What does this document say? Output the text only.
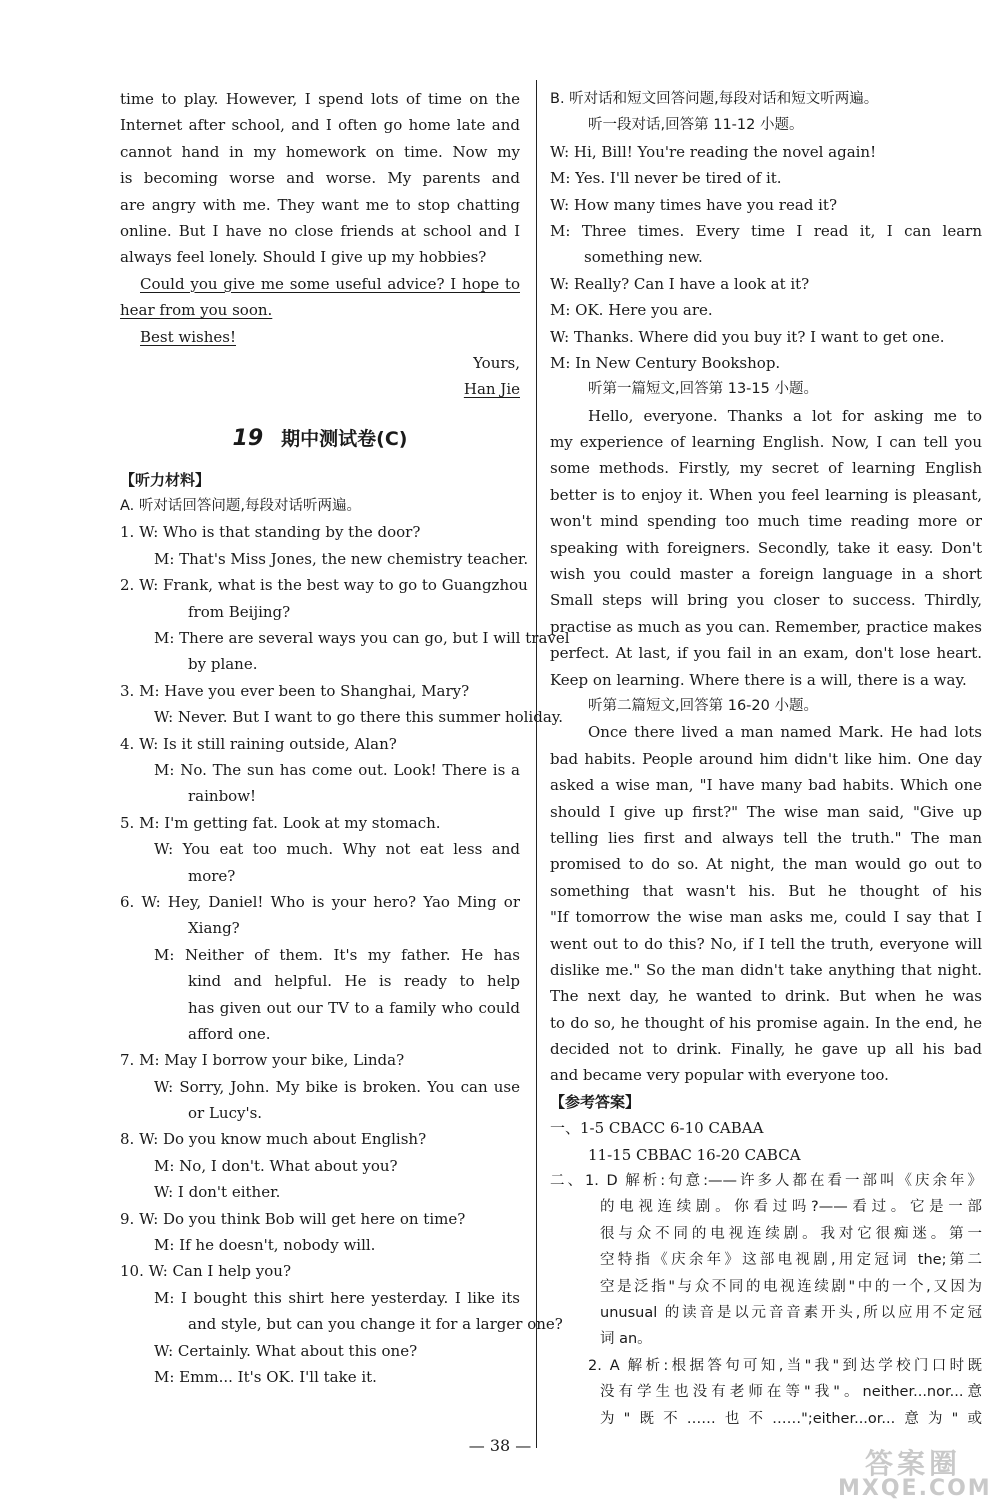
time to play. However, I spend lots of time on the
Internet after school, and I often go home late and
cannot hand in my homework on time. Now my
is becoming worse and worse. My parents and
are angry with me. They want me to stop chatting
online. But I have no close friends at school and I
always feel lonely. Should I give up my hobbies?
Could you give me some useful advice? I hope to
hear from you soon.
Best wishes!
Yours,
Han Jie
19 期中测试卷(C)
【听力材料】
A. 听对话回答问题,每段对话听两遍。
1. W: Who is that standing by the door?
M: That's Miss Jones, the new chemistry teacher.
2. W: Frank, what is the best way to go to Guangzhou
from Beijing?
M: There are several ways you can go, but I will travel
by plane.
3. M: Have you ever been to Shanghai, Mary?
W: Never. But I want to go there this summer holiday.
4. W: Is it still raining outside, Alan?
M: No. The sun has come out. Look! There is a
rainbow!
5. M: I'm getting fat. Look at my stomach.
W: You eat too much. Why not eat less and
more?
6. W: Hey, Daniel! Who is your hero? Yao Ming or
Xiang?
M: Neither of them. It's my father. He has
kind and helpful. He is ready to help
has given out our TV to a family who could
afford one.
7. M: May I borrow your bike, Linda?
W: Sorry, John. My bike is broken. You can use
or Lucy's.
8. W: Do you know much about English?
M: No, I don't. What about you?
W: I don't either.
9. W: Do you think Bob will get here on time?
M: If he doesn't, nobody will.
10. W: Can I help you?
M: I bought this shirt here yesterday. I like its
and style, but can you change it for a larger one?
W: Certainly. What about this one?
M: Emm... It's OK. I'll take it.
B. 听对话和短文回答问题,每段对话和短文听两遍。
听一段对话,回答第 11-12 小题。
W: Hi, Bill! You're reading the novel again!
M: Yes. I'll never be tired of it.
W: How many times have you read it?
M: Three times. Every time I read it, I can learn
something new.
W: Really? Can I have a look at it?
M: OK. Here you are.
W: Thanks. Where did you buy it? I want to get one.
M: In New Century Bookshop.
听第一篇短文,回答第 13-15 小题。
Hello, everyone. Thanks a lot for asking me to
my experience of learning English. Now, I can tell you
some methods. Firstly, my secret of learning English
better is to enjoy it. When you feel learning is pleasant,
won't mind spending too much time reading more or
speaking with foreigners. Secondly, take it easy. Don't
wish you could master a foreign language in a short
Small steps will bring you closer to success. Thirdly,
practise as much as you can. Remember, practice makes
perfect. At last, if you fail in an exam, don't lose heart.
Keep on learning. Where there is a will, there is a way.
听第二篇短文,回答第 16-20 小题。
Once there lived a man named Mark. He had lots
bad habits. People around him didn't like him. One day
asked a wise man, "I have many bad habits. Which one
should I give up first?" The wise man said, "Give up
telling lies first and always tell the truth." The man
promised to do so. At night, the man would go out to
something that wasn't his. But he thought of his
"If tomorrow the wise man asks me, could I say that I
went out to do this? No, if I tell the truth, everyone will
dislike me." So the man didn't take anything that night.
The next day, he wanted to drink. But when he was
to do so, he thought of his promise again. In the end, he
decided not to drink. Finally, he gave up all his bad
and became very popular with everyone too.
【参考答案】
一、1-5 CBACC 6-10 CABAA
11-15 CBBAC 16-20 CABCA
二、1. D 解析:句意:——许多人都在看一部叫《庆余年》
的电视连续剧。你看过吗?——看过。它是一部
很与众不同的电视连续剧。我对它很痴迷。第一
空特指《庆余年》这部电视剧,用定冠词 the;第二
空是泛指"与众不同的电视连续剧"中的一个,又因为
unusual 的读音是以元音音素开头,所以应用不定冠
词 an。
2. A 解析:根据答句可知,当"我"到达学校门口时既
没有学生也没有老师在等"我"。neither...nor...意
为"既不……也不……";either...or...意为"或
— 38 —
答案圈
MXQE.COM
